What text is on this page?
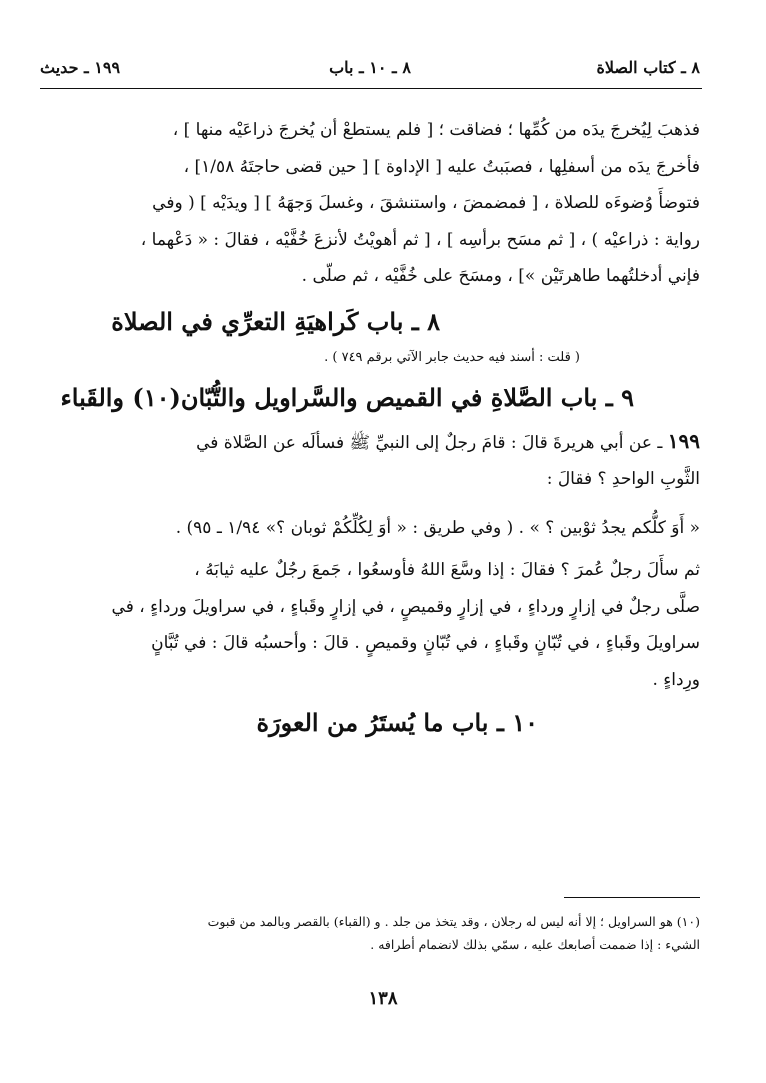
٨ ـ كتاب الصلاة
٨ ـ ١٠ ـ باب
١٩٩ ـ حديث
فذهبَ لِيُخرجَ يدَه من كُمِّها ؛ فضاقت ؛ [ فلم يستطعْ أن يُخرجَ ذراعَيْه منها ] ،
فأخرجَ يدَه من أسفلِها ، فصبَبتُ عليه [ الإداوة ] [ حين قضى حاجتَهُ ١/٥٨] ،
فتوضأَ وُضوءَه للصلاة ، [ فمضمضَ ، واستنشقَ ، وغسلَ وَجهَهُ ] [ ويدَيْه ] ( وفي
رواية : ذراعيْه ) ، [ ثم مسَح برأسِه ] ، [ ثم أهويْتُ لأنزعَ خُفَّيْه ، فقالَ : « دَعْهما ،
فإني أدخلتُهما طاهرتَيْن »] ، ومسَحَ على خُفَّيْه ، ثم صلّى .
٨ ـ باب كَراهيَةِ التعرِّي في الصلاة
( قلت : أسند فيه حديث جابر الآتي برقم ٧٤٩ ) .
٩ ـ باب الصَّلاةِ في القميص والسَّراويل والتُّبّان(١٠) والقَباء
١٩٩ ـ عن أبي هريرةَ قالَ : قامَ رجلٌ إلى النبيِّ ﷺ فسألَه عن الصَّلاة في
الثَّوبِ الواحدِ ؟ فقالَ :
« أَوَ كلُّكم يجدُ ثوْبين ؟ » . ( وفي طريق : « أوَ لِكُلِّكُمْ ثوبان ؟» ١/٩٤ ـ ٩٥) .
ثم سأَلَ رجلٌ عُمرَ ؟ فقالَ : إذا وسَّعَ اللهُ فأوسعُوا ، جَمعَ رجُلٌ عليه ثيابَهُ ،
صلَّى رجلٌ في إزارٍ ورداءٍ ، في إزارٍ وقميصٍ ، في إزارٍ وقَباءٍ ، في سراويلَ ورداءٍ ، في
سراويلَ وقَباءٍ ، في تُبّانٍ وقَباءٍ ، في تُبّانٍ وقميصٍ . قالَ : وأحسبُه قالَ : في تُبَّانٍ
ورِداءٍ .
١٠ ـ باب ما يُستَرُ من العورَة
(١٠) هو السراويل ؛ إلا أنه ليس له رجلان ، وقد يتخذ من جلد . و (القباء) بالقصر وبالمد من قبوت
الشيء : إذا ضممت أصابعك عليه ، سمّي بذلك لانضمام أطرافه .
١٣٨
